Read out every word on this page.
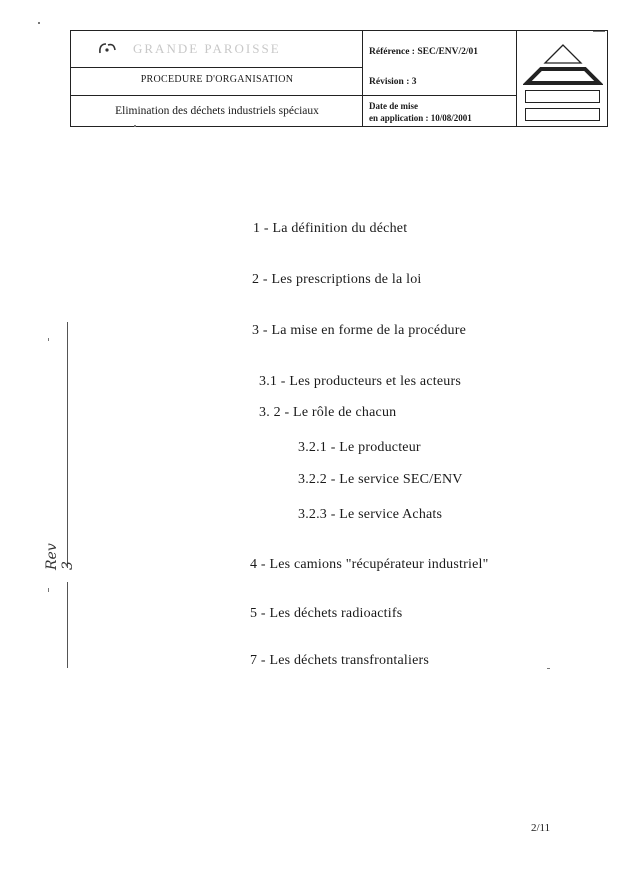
GRANDE PAROISSE
PROCEDURE D'ORGANISATION
Elimination des déchets industriels spéciaux
Référence : SEC/ENV/2/01
Révision : 3
Date de mise
en application : 10/08/2001
1 - La définition du déchet
2 - Les prescriptions de la loi
3 - La mise en forme de la procédure
3.1 - Les producteurs et les acteurs
3. 2 - Le rôle de chacun
3.2.1 - Le producteur
3.2.2 - Le service SEC/ENV
3.2.3 - Le service Achats
4 - Les camions "récupérateur industriel"
5 - Les déchets radioactifs
7 - Les déchets transfrontaliers
Rev 3
2/11
